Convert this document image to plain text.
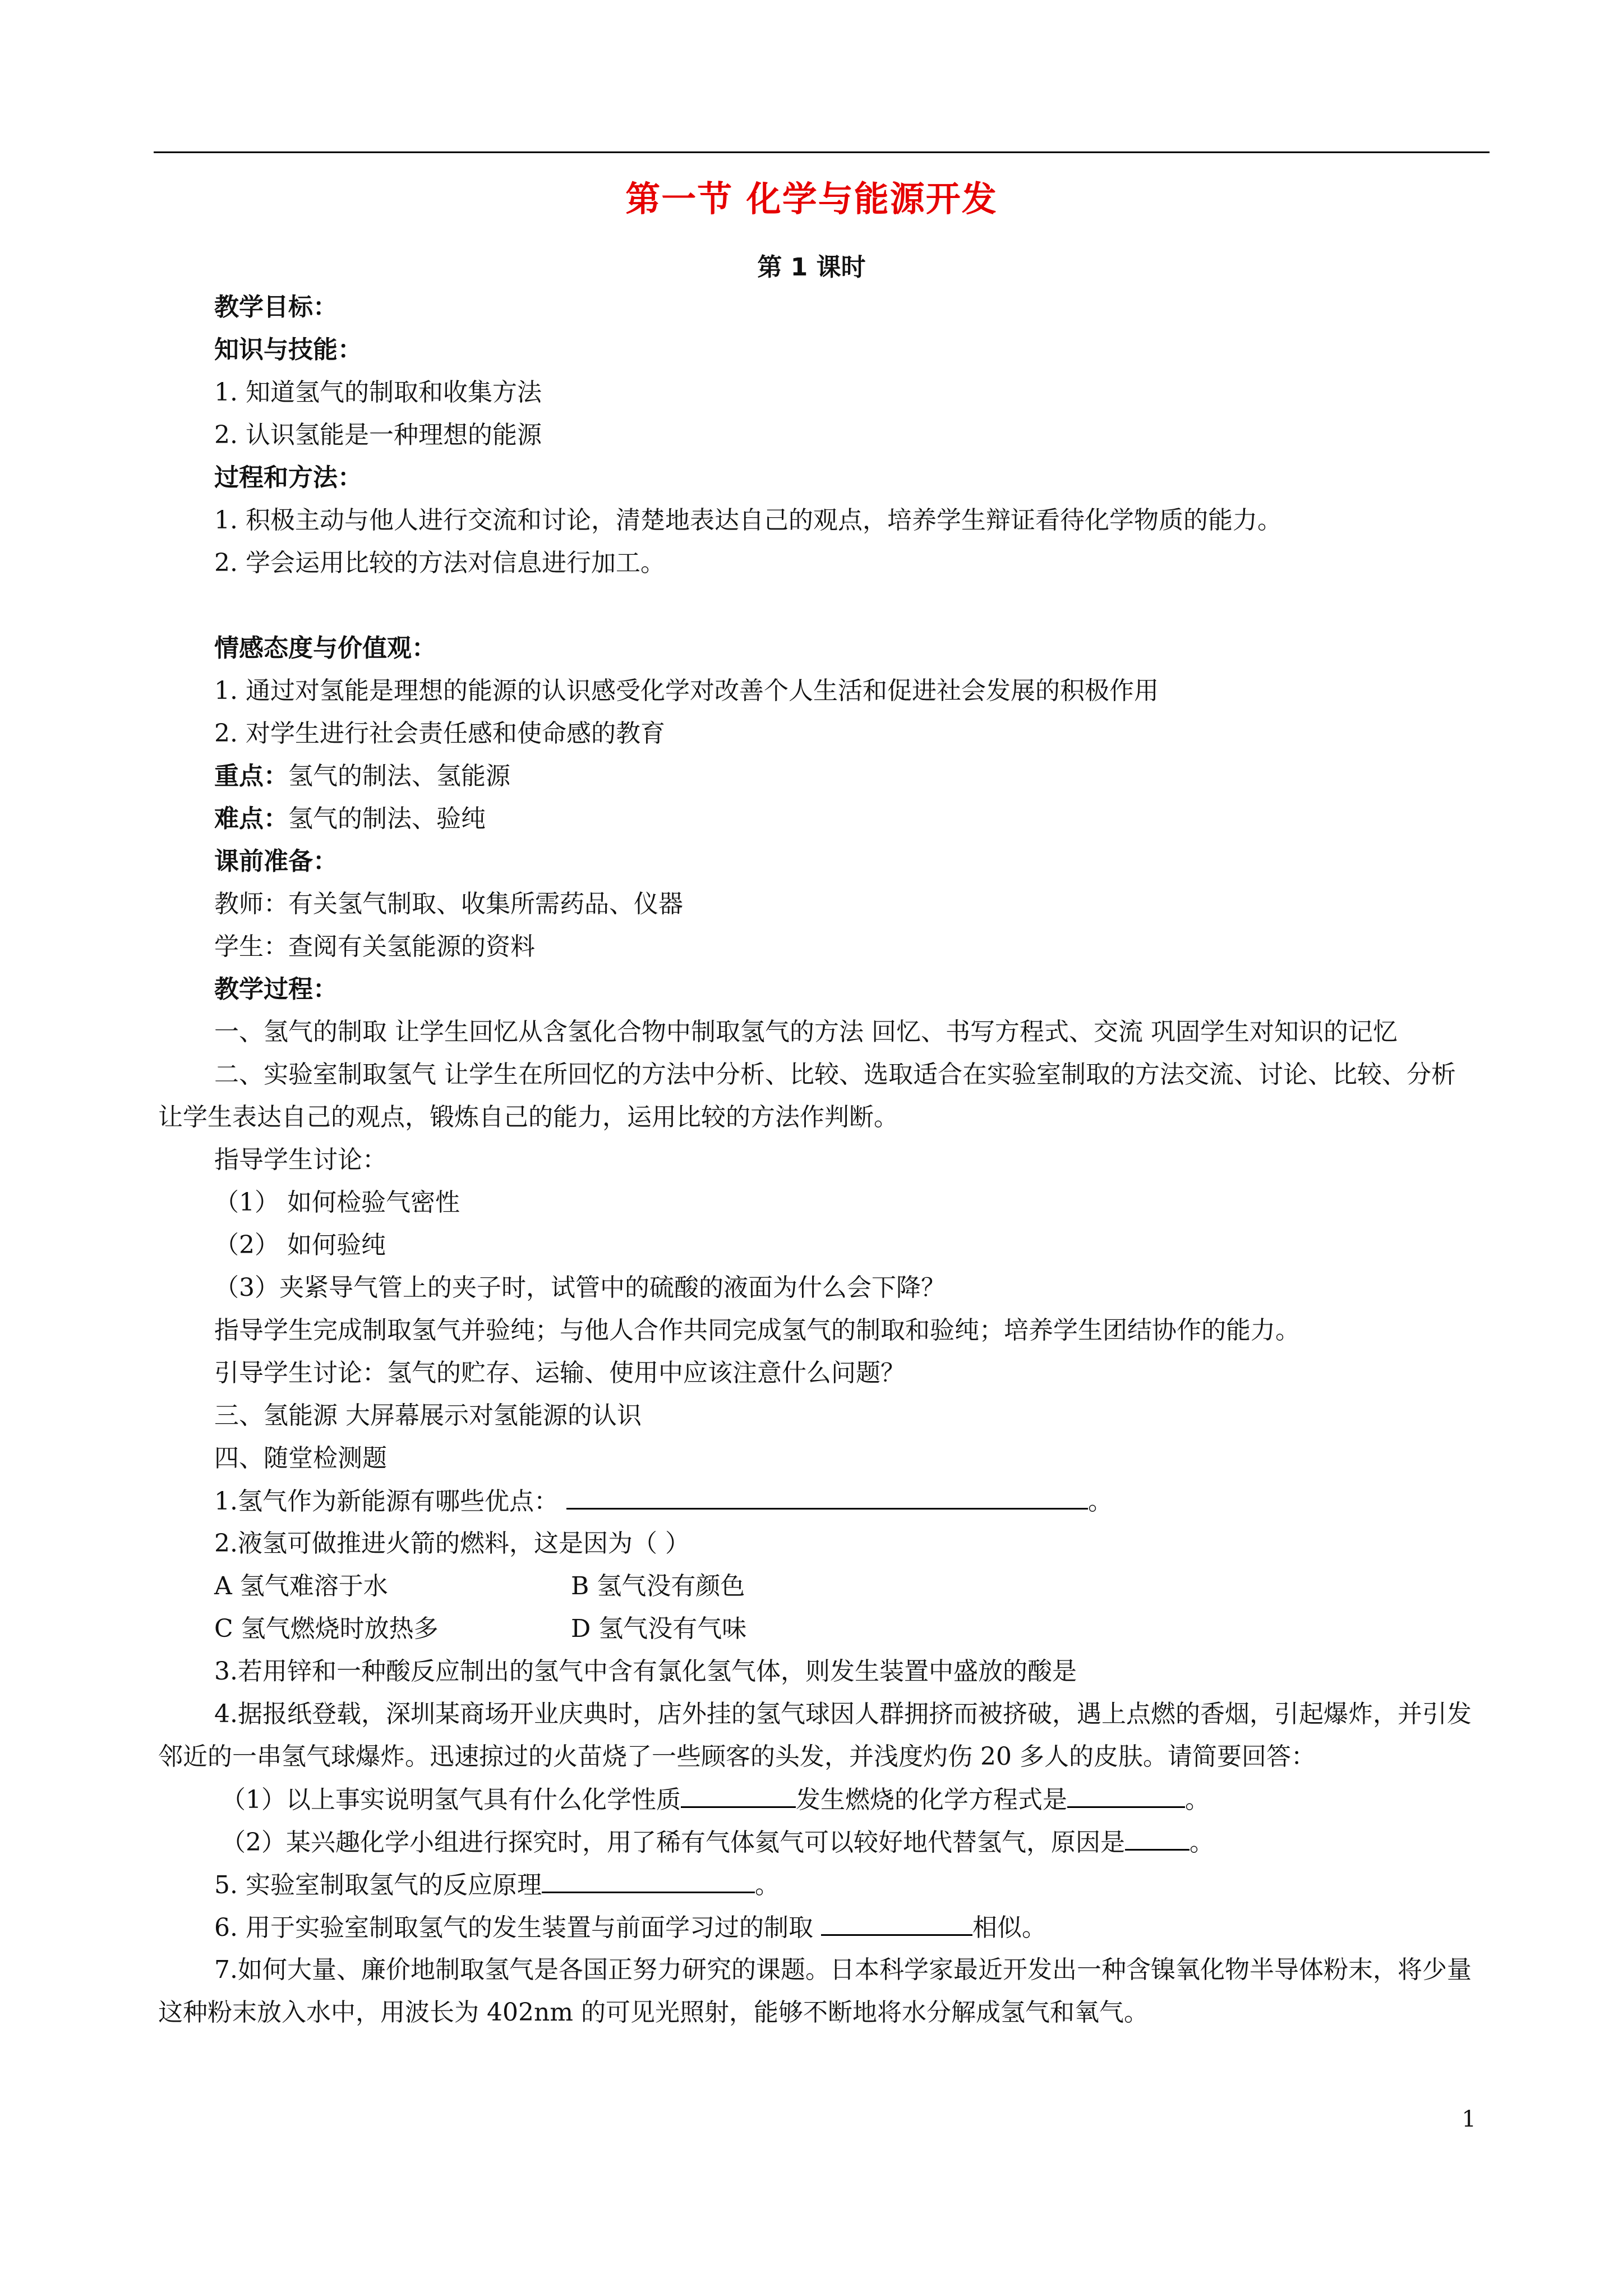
第一节 化学与能源开发
第 1 课时
教学目标：
知识与技能：
1. 知道氢气的制取和收集方法
2. 认识氢能是一种理想的能源
过程和方法：
1. 积极主动与他人进行交流和讨论，清楚地表达自己的观点，培养学生辩证看待化学物质的能力。
2. 学会运用比较的方法对信息进行加工。
情感态度与价值观：
1. 通过对氢能是理想的能源的认识感受化学对改善个人生活和促进社会发展的积极作用
2. 对学生进行社会责任感和使命感的教育
重点：氢气的制法、氢能源
难点：氢气的制法、验纯
课前准备：
教师：有关氢气制取、收集所需药品、仪器
学生：查阅有关氢能源的资料
教学过程：
一、氢气的制取 让学生回忆从含氢化合物中制取氢气的方法 回忆、书写方程式、交流 巩固学生对知识的记忆
二、实验室制取氢气 让学生在所回忆的方法中分析、比较、选取适合在实验室制取的方法交流、讨论、比较、分析 让学生表达自己的观点，锻炼自己的能力，运用比较的方法作判断。
指导学生讨论：
（1） 如何检验气密性
（2） 如何验纯
（3）夹紧导气管上的夹子时，试管中的硫酸的液面为什么会下降？
指导学生完成制取氢气并验纯；与他人合作共同完成氢气的制取和验纯；培养学生团结协作的能力。
引导学生讨论：氢气的贮存、运输、使用中应该注意什么问题？
三、氢能源 大屏幕展示对氢能源的认识
四、随堂检测题
1.氢气作为新能源有哪些优点：	。
2.液氢可做推进火箭的燃料，这是因为（ ）
A 氢气难溶于水	B 氢气没有颜色
C 氢气燃烧时放热多	D 氢气没有气味
3.若用锌和一种酸反应制出的氢气中含有氯化氢气体，则发生装置中盛放的酸是
4.据报纸登载，深圳某商场开业庆典时，店外挂的氢气球因人群拥挤而被挤破，遇上点燃的香烟，引起爆炸，并引发邻近的一串氢气球爆炸。迅速掠过的火苗烧了一些顾客的头发，并浅度灼伤 20 多人的皮肤。请简要回答：
（1）以上事实说明氢气具有什么化学性质	发生燃烧的化学方程式是	。
（2）某兴趣化学小组进行探究时，用了稀有气体氦气可以较好地代替氢气，原因是	。
5. 实验室制取氢气的反应原理	。
6. 用于实验室制取氢气的发生装置与前面学习过的制取	相似。
7.如何大量、廉价地制取氢气是各国正努力研究的课题。日本科学家最近开发出一种含镍氧化物半导体粉末，将少量这种粉末放入水中，用波长为 402nm 的可见光照射，能够不断地将水分解成氢气和氧气。
1
